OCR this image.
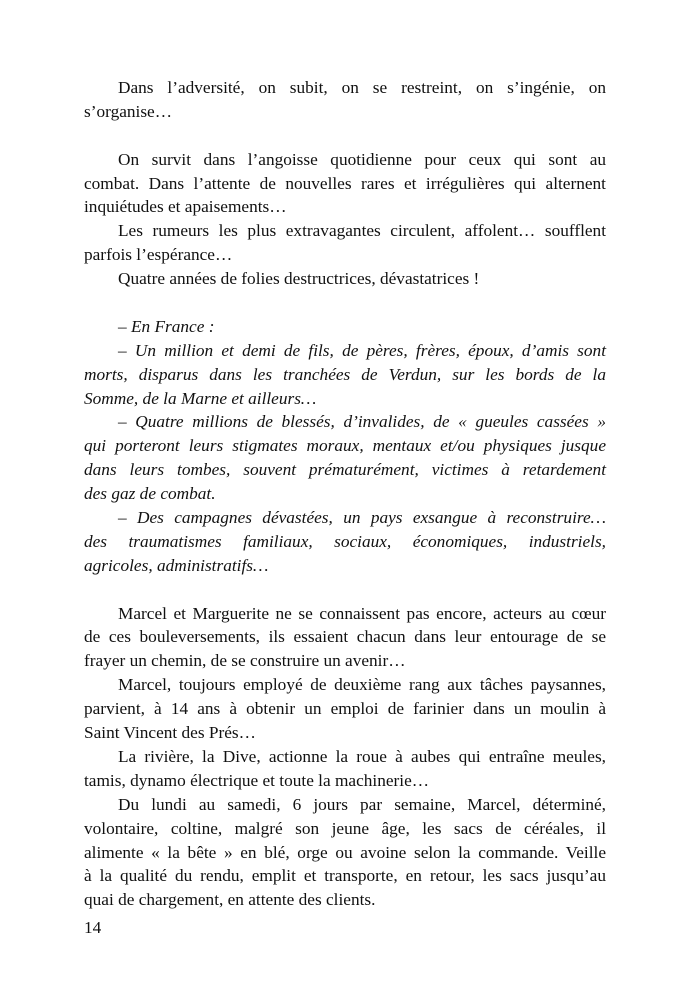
Dans l’adversité, on subit, on se restreint, on s’ingénie, on
s’organise…
On survit dans l’angoisse quotidienne pour ceux qui sont au
combat. Dans l’attente de nouvelles rares et irrégulières qui alternent
inquiétudes et apaisements…
Les rumeurs les plus extravagantes circulent, affolent… soufflent
parfois l’espérance…
Quatre années de folies destructrices, dévastatrices !
– En France :
– Un million et demi de fils, de pères, frères, époux, d’amis sont
morts, disparus dans les tranchées de Verdun, sur les bords de la
Somme, de la Marne et ailleurs…
– Quatre millions de blessés, d’invalides, de « gueules cassées »
qui porteront leurs stigmates moraux, mentaux et/ou physiques jusque
dans leurs tombes, souvent prématurément, victimes à retardement
des gaz de combat.
– Des campagnes dévastées, un pays exsangue à reconstruire…
des traumatismes familiaux, sociaux, économiques, industriels,
agricoles, administratifs…
Marcel et Marguerite ne se connaissent pas encore, acteurs au cœur
de ces bouleversements, ils essaient chacun dans leur entourage de se
frayer un chemin, de se construire un avenir…
Marcel, toujours employé de deuxième rang aux tâches paysannes,
parvient, à 14 ans à obtenir un emploi de farinier dans un moulin à
Saint Vincent des Prés…
La rivière, la Dive, actionne la roue à aubes qui entraîne meules,
tamis, dynamo électrique et toute la machinerie…
Du lundi au samedi, 6 jours par semaine, Marcel, déterminé,
volontaire, coltine, malgré son jeune âge, les sacs de céréales, il
alimente « la bête » en blé, orge ou avoine selon la commande. Veille
à la qualité du rendu, emplit et transporte, en retour, les sacs jusqu’au
quai de chargement, en attente des clients.
14
